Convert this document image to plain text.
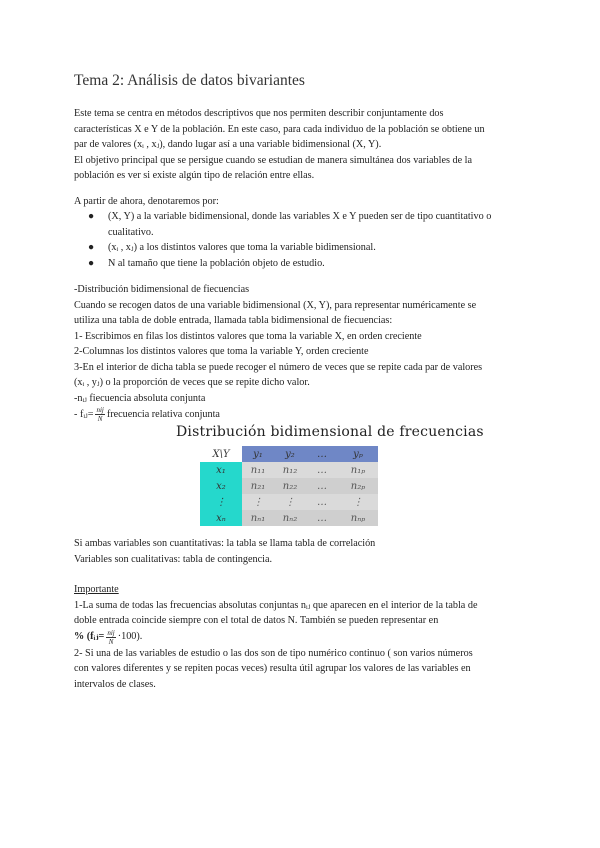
Tema 2: Análisis de datos bivariantes

Este tema se centra en métodos descriptivos que nos permiten describir conjuntamente dos

características X e Y de la población. En este caso, para cada individuo de la población se obtiene un

par de valores (xᵢ , xⱼ), dando lugar así a una variable bidimensional (X, Y).

El objetivo principal que se persigue cuando se estudian de manera simultánea dos variables de la

población es ver si existe algún tipo de relación entre ellas.

A partir de ahora, denotaremos por:
● (X, Y) a la variable bidimensional, donde las variables X e Y pueden ser de tipo cuantitativo o cualitativo.
● (xᵢ , xⱼ) a los distintos valores que toma la variable bidimensional.
● N al tamaño que tiene la población objeto de estudio.

-Distribución bidimensional de fiecuencias

Cuando se recogen datos de una variable bidimensional (X, Y), para representar numéricamente se

utiliza una tabla de doble entrada, llamada tabla bidimensional de fiecuencias:

1- Escribimos en filas los distintos valores que toma la variable X, en orden creciente

2-Columnas los distintos valores que toma la variable Y, orden creciente

3-En el interior de dicha tabla se puede recoger el número de veces que se repite cada par de valores

(xᵢ , yⱼ) o la proporción de veces que se repite dicho valor.

-nᵢⱼ fiecuencia absoluta conjunta

- fᵢⱼ= $\frac{\text{nij}}{N}$ frecuencia relativa conjunta

Distribución bidimensional de frecuencias
X\Y	y₁	y₂	…	yₚ
x₁	n₁₁	n₁₂	…	n₁ₚ
x₂	n₂₁	n₂₂	…	n₂ₚ
⋮	⋮	⋮	…	⋮
xₙ	nₙ₁	nₙ₂	…	nₙₚ

Si ambas variables son cuantitativas: la tabla se llama tabla de correlación

Variables son cualitativas: tabla de contingencia.

Importante

1-La suma de todas las frecuencias absolutas conjuntas nᵢⱼ que aparecen en el interior de la tabla de

doble entrada coincide siempre con el total de datos N. También se pueden representar en

% (fᵢⱼ= $\frac{\text{nij}}{N} \cdot 100$).

2- Si una de las variables de estudio o las dos son de tipo numérico continuo ( son varios números

con valores diferentes y se repiten pocas veces) resulta útil agrupar los valores de las variables en

intervalos de clases.
